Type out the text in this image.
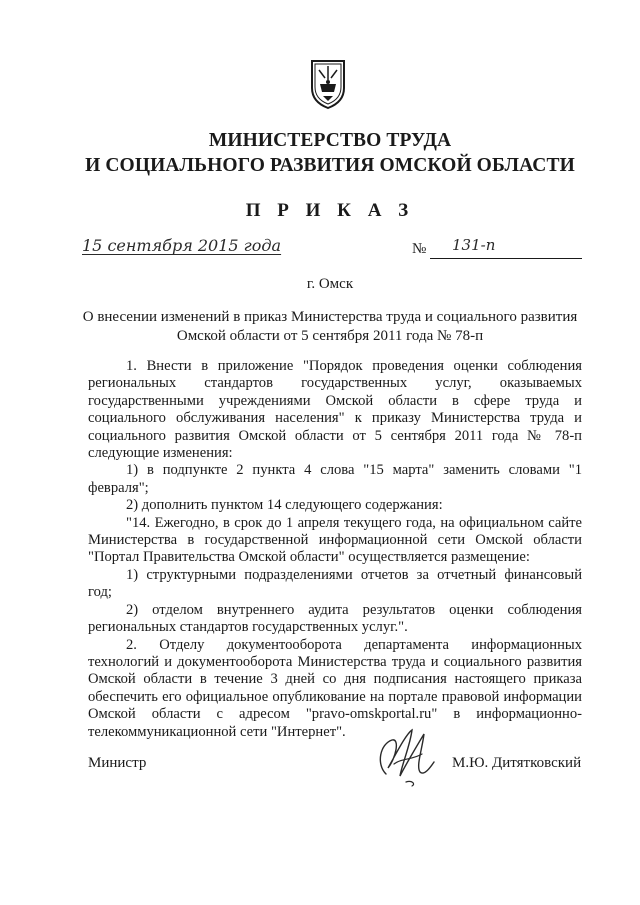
МИНИСТЕРСТВО ТРУДА
И СОЦИАЛЬНОГО РАЗВИТИЯ ОМСКОЙ ОБЛАСТИ
П Р И К А З
15 сентября 2015 года	№ 131-п
г. Омск
О внесении изменений в приказ Министерства труда и социального развития
Омской области от 5 сентября 2011 года № 78-п

1. Внести в приложение "Порядок проведения оценки соблюдения региональных стандартов государственных услуг, оказываемых государственными учреждениями Омской области в сфере труда и социального обслуживания населения" к приказу Министерства труда и социального развития Омской области от 5 сентября 2011 года № 78-п следующие изменения:

1) в подпункте 2 пункта 4 слова "15 марта" заменить словами "1 февраля";

2) дополнить пунктом 14 следующего содержания:

"14. Ежегодно, в срок до 1 апреля текущего года, на официальном сайте Министерства в государственной информационной сети Омской области "Портал Правительства Омской области" осуществляется размещение:

1) структурными подразделениями отчетов за отчетный финансовый год;

2) отделом внутреннего аудита результатов оценки соблюдения региональных стандартов государственных услуг.".

2. Отделу документооборота департамента информационных технологий и документооборота Министерства труда и социального развития Омской области в течение 3 дней со дня подписания настоящего приказа обеспечить его официальное опубликование на портале правовой информации Омской области с адресом "pravo-omskportal.ru" в информационно-телекоммуникационной сети "Интернет".

Министр	М.Ю. Дитятковский
